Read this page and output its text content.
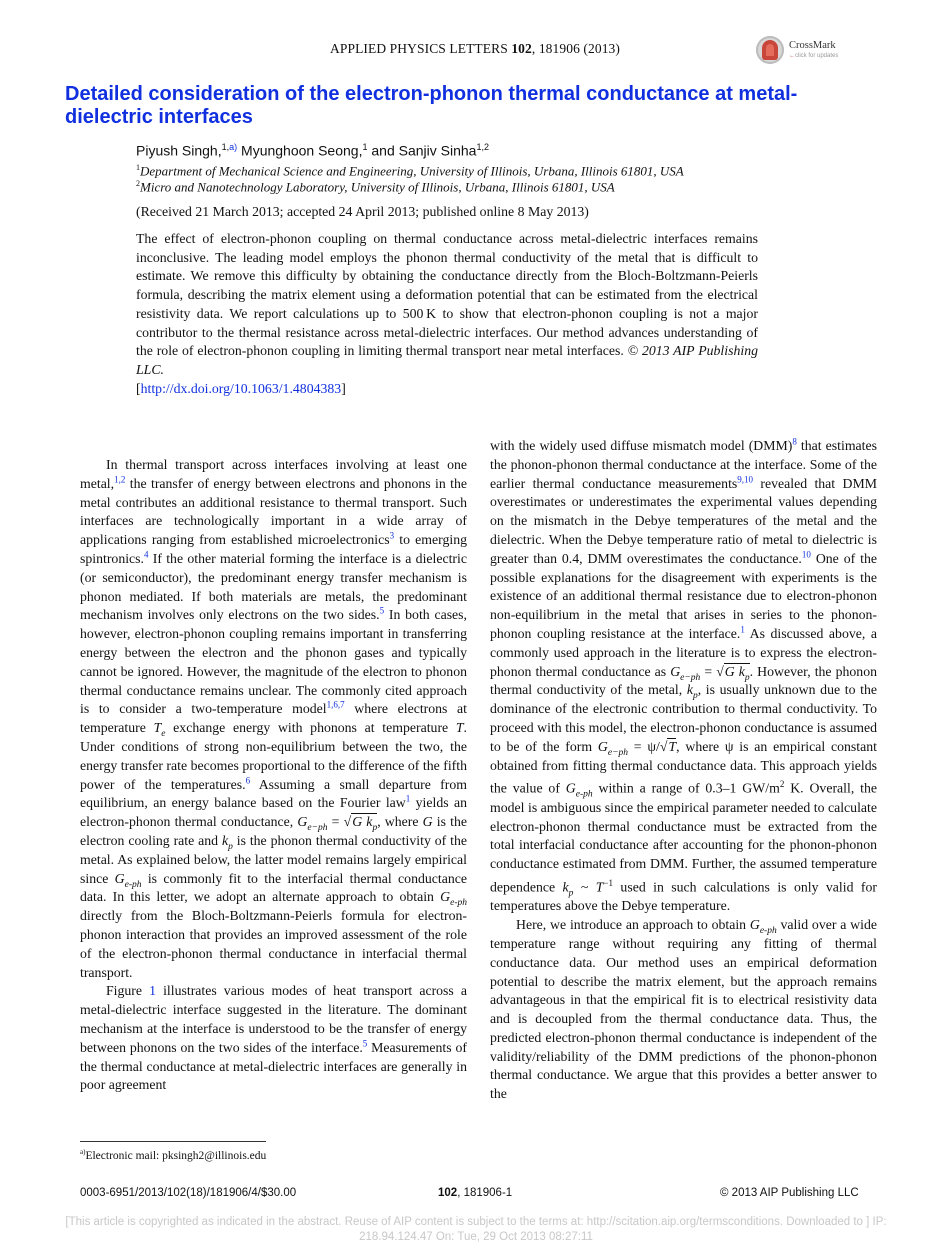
APPLIED PHYSICS LETTERS 102, 181906 (2013)	CrossMark
←click for updates
Detailed consideration of the electron-phonon thermal conductance at metal-dielectric interfaces
Piyush Singh,$^{1,a)}$ Myunghoon Seong,$^1$ and Sanjiv Sinha$^{1,2}$
$^1$Department of Mechanical Science and Engineering, University of Illinois, Urbana, Illinois 61801, USA
$^2$Micro and Nanotechnology Laboratory, University of Illinois, Urbana, Illinois 61801, USA
(Received 21 March 2013; accepted 24 April 2013; published online 8 May 2013)
The effect of electron-phonon coupling on thermal conductance across metal-dielectric interfaces remains inconclusive. The leading model employs the phonon thermal conductivity of the metal that is difficult to estimate. We remove this difficulty by obtaining the conductance directly from the Bloch-Boltzmann-Peierls formula, describing the matrix element using a deformation potential that can be estimated from the electrical resistivity data. We report calculations up to 500 K to show that electron-phonon coupling is not a major contributor to the thermal resistance across metal-dielectric interfaces. Our method advances understanding of the role of electron-phonon coupling in limiting thermal transport near metal interfaces. © 2013 AIP Publishing LLC.
[http://dx.doi.org/10.1063/1.4804383]

In thermal transport across interfaces involving at least one metal,$^{1,2}$ the transfer of energy between electrons and phonons in the metal contributes an additional resistance to thermal transport. Such interfaces are technologically important in a wide array of applications ranging from established microelectronics$^3$ to emerging spintronics.$^4$ If the other material forming the interface is a dielectric (or semiconductor), the predominant energy transfer mechanism is phonon mediated. If both materials are metals, the predominant mechanism involves only electrons on the two sides.$^5$ In both cases, however, electron-phonon coupling remains important in transferring energy between the electron and the phonon gases and typically cannot be ignored. However, the magnitude of the electron to phonon thermal conductance remains unclear. The commonly cited approach is to consider a two-temperature model$^{1,6,7}$ where electrons at temperature $T_e$ exchange energy with phonons at temperature T. Under conditions of strong non-equilibrium between the two, the energy transfer rate becomes proportional to the difference of the fifth power of the temperatures.$^6$ Assuming a small departure from equilibrium, an energy balance based on the Fourier law$^1$ yields an electron-phonon thermal conductance, $G_{e-ph} = √G$ $k_p$, where G is the electron cooling rate and $k_p$ is the phonon thermal conductivity of the metal. As explained below, the latter model remains largely empirical since $G_{e-ph}$ is commonly fit to the interfacial thermal conductance data. In this letter, we adopt an alternate approach to obtain $G_{e-ph}$ directly from the Bloch-Boltzmann-Peierls formula for electron-phonon interaction that provides an improved assessment of the role of the electron-phonon thermal conductance in interfacial thermal transport.

Figure 1 illustrates various modes of heat transport across a metal-dielectric interface suggested in the literature. The dominant mechanism at the interface is understood to be the transfer of energy between phonons on the two sides of the interface.$^5$ Measurements of the thermal conductance at metal-dielectric interfaces are generally in poor agreement

with the widely used diffuse mismatch model (DMM)$^8$ that estimates the phonon-phonon thermal conductance at the interface. Some of the earlier thermal conductance measurements$^{9,10}$ revealed that DMM overestimates or underestimates the experimental values depending on the mismatch in the Debye temperatures of the metal and the dielectric. When the Debye temperature ratio of metal to dielectric is greater than 0.4, DMM overestimates the conductance.$^{10}$ One of the possible explanations for the disagreement with experiments is the existence of an additional thermal resistance due to electron-phonon non-equilibrium in the metal that arises in series to the phonon-phonon coupling resistance at the interface.$^1$ As discussed above, a commonly used approach in the literature is to express the electron-phonon thermal conductance as $G_{e-ph} = √G$ $k_p$. However, the phonon thermal conductivity of the metal, $k_p$, is usually unknown due to the dominance of the electronic contribution to thermal conductivity. To proceed with this model, the electron-phonon conductance is assumed to be of the form $G_{e-ph} = \psi/√T$, where ψ is an empirical constant obtained from fitting thermal conductance data. This approach yields the value of $G_{e-ph}$ within a range of 0.3–1 $GW/m^2$ K. Overall, the model is ambiguous since the empirical parameter needed to calculate electron-phonon thermal conductance must be extracted from the total interfacial conductance after accounting for the phonon-phonon conductance estimated from DMM. Further, the assumed temperature dependence $k_p$ ~ $T^{-1}$ used in such calculations is only valid for temperatures above the Debye temperature.

Here, we introduce an approach to obtain $G_{e-ph}$ valid over a wide temperature range without requiring any fitting of thermal conductance data. Our method uses an empirical deformation potential to describe the matrix element, but the approach remains advantageous in that the empirical fit is to electrical resistivity data and is decoupled from the thermal conductance data. Thus, the predicted electron-phonon thermal conductance is independent of the validity/reliability of the DMM predictions of the phonon-phonon thermal conductance. We argue that this provides a better answer to the

$^{a)}$Electronic mail: pksingh2@illinois.edu
0003-6951/2013/102(18)/181906/4/$30.00	102, 181906-1	© 2013 AIP Publishing LLC
[This article is copyrighted as indicated in the abstract. Reuse of AIP content is subject to the terms at: http://scitation.aip.org/termsconditions. Downloaded to ] IP:
218.94.124.47 On: Tue, 29 Oct 2013 08:27:11
